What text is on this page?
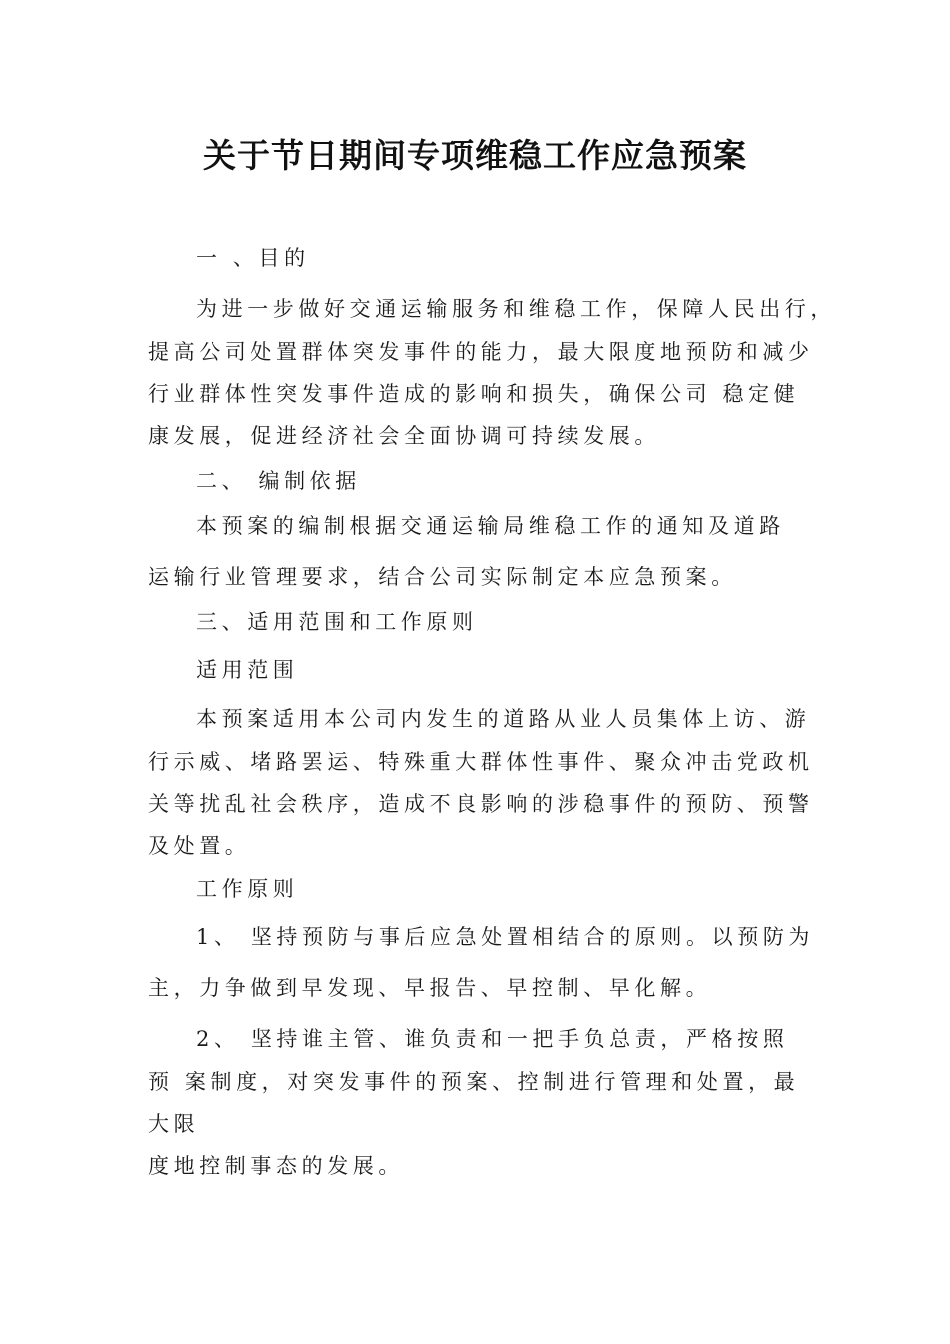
关于节日期间专项维稳工作应急预案
一 、目的
为进一步做好交通运输服务和维稳工作，保障人民出行，
提高公司处置群体突发事件的能力，最大限度地预防和减少
行业群体性突发事件造成的影响和损失，确保公司 稳定健
康发展，促进经济社会全面协调可持续发展。
二、 编制依据
本预案的编制根据交通运输局维稳工作的通知及道路
运输行业管理要求，结合公司实际制定本应急预案。
三、适用范围和工作原则
适用范围
本预案适用本公司内发生的道路从业人员集体上访、游
行示威、堵路罢运、特殊重大群体性事件、聚众冲击党政机
关等扰乱社会秩序，造成不良影响的涉稳事件的预防、预警
及处置。
工作原则
1、 坚持预防与事后应急处置相结合的原则。以预防为
主，力争做到早发现、早报告、早控制、早化解。
2、 坚持谁主管、谁负责和一把手负总责，严格按照
预 案制度，对突发事件的预案、控制进行管理和处置，最
大限
度地控制事态的发展。
